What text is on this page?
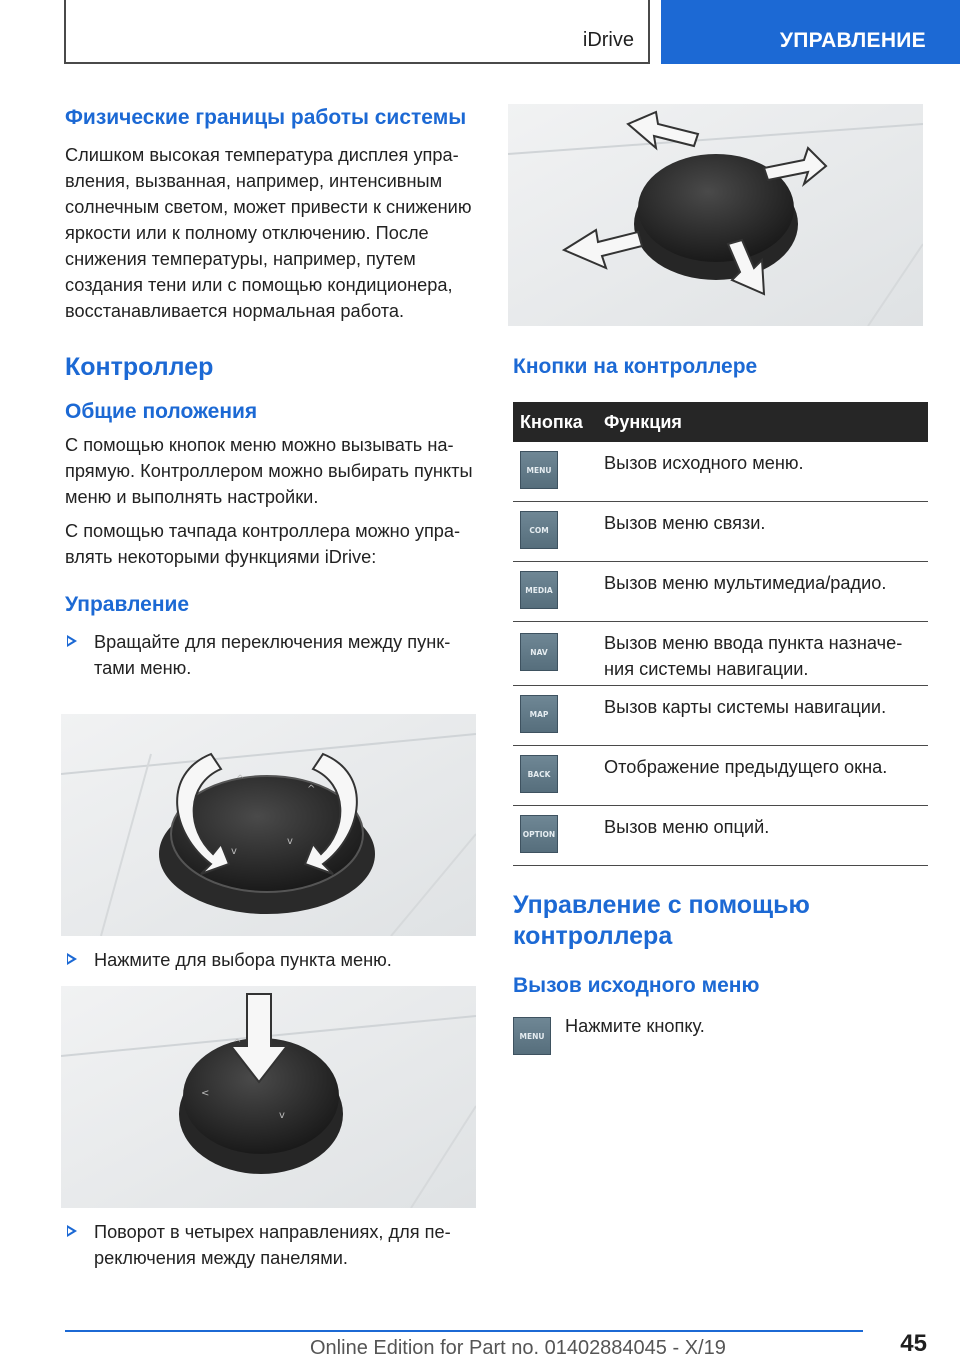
iDrive	УПРАВЛЕНИЕ
Физические границы работы системы
Слишком высокая температура дисплея управления, вызванная, например, интенсивным солнечным светом, может привести к снижению яркости или к полному отключению. После снижения температуры, например, путем создания тени или с помощью кондиционера, восстанавливается нормальная работа.
Контроллер
Общие положения
С помощью кнопок меню можно вызывать напрямую. Контроллером можно выбирать пункты меню и выполнять настройки.
С помощью тачпада контроллера можно управлять некоторыми функциями iDrive:
Управление
Вращайте для переключения между пунктами меню.
^
^
v
v
Нажмите для выбора пункта меню.
^
<
v
Поворот в четырех направлениях, для переключения между панелями.
Кнопки на контроллере
Кнопка Функция
MENU	Вызов исходного меню.
COM	Вызов меню связи.
MEDIA	Вызов меню мультимедиа/радио.
NAV	Вызов меню ввода пункта назначения системы навигации.
MAP	Вызов карты системы навигации.
BACK	Отображение предыдущего окна.
OPTION	Вызов меню опций.
Управление с помощью контроллера
Вызов исходного меню
MENU
Нажмите кнопку.
45
Online Edition for Part no. 01402884045 - X/19
